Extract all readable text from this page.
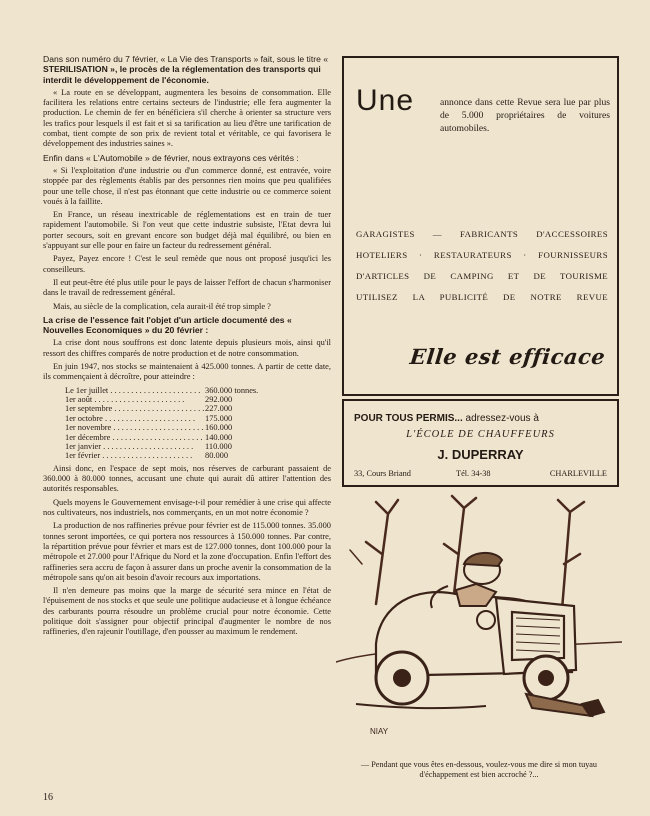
Dans son numéro du 7 février, « La Vie des Transports » fait, sous le titre « STERILISATION », le procès de la réglementation des transports qui interdit le développement de l'économie.

« La route en se développant, augmentera les besoins de consommation. Elle facilitera les relations entre certains secteurs de l'industrie; elle fera augmenter la production. Le chemin de fer en bénéficiera s'il cherche à orienter sa structure vers les trafics pour lesquels il est fait et si sa tarification au lieu d'être une tarification de combat, tient compte de son prix de revient total et véritable, ce qui favorisera le développement des industries saines ».

Enfin dans « L'Automobile » de février, nous extrayons ces vérités :

« Si l'exploitation d'une industrie ou d'un commerce donné, est entravée, voire stoppée par des règlements établis par des personnes rien moins que peu qualifiées pour une telle chose, il n'est pas étonnant que cette industrie ou ce commerce soient voués à la faillite.

En France, un réseau inextricable de réglementations est en train de tuer rapidement l'automobile. Si l'on veut que cette industrie subsiste, l'Etat devra lui porter secours, soit en grevant encore son budget déjà mal équilibré, ou bien en s'appuyant sur elle pour en faire un facteur du redressement général.

Payez, Payez encore ! C'est le seul remède que nous ont proposé jusqu'ici les conseilleurs.

Il eut peut-être été plus utile pour le pays de laisser l'effort de chacun s'harmoniser dans le travail de redressement général.

Mais, au siècle de la complication, cela aurait-il été trop simple ?

La crise de l'essence fait l'objet d'un article documenté des « Nouvelles Economiques » du 20 février :

La crise dont nous souffrons est donc latente depuis plusieurs mois, ainsi qu'il ressort des chiffres comparés de notre production et de notre consommation.

En juin 1947, nos stocks se maintenaient à 425.000 tonnes. A partir de cette date, ils commençaient à décroître, pour atteindre :

Le 1er juillet . . .	360.000 tonnes.
1er août . . .	292.000
1er septembre . . .	227.000
1er octobre . . .	175.000
1er novembre . . .	160.000
1er décembre . . .	140.000
1er janvier . . .	110.000
1er février . . .	80.000

Ainsi donc, en l'espace de sept mois, nos réserves de carburant passaient de 360.000 à 80.000 tonnes, accusant une chute qui aurait dû attirer l'attention des autorités responsables.

Quels moyens le Gouvernement envisage-t-il pour remédier à une crise qui affecte nos cultivateurs, nos industriels, nos commerçants, en un mot notre économie ?

La production de nos raffineries prévue pour février est de 115.000 tonnes. 35.000 tonnes seront importées, ce qui portera nos ressources à 150.000 tonnes. Par contre, la répartition prévue pour février et mars est de 127.000 tonnes, dont 100.000 pour la métropole et 27.000 pour l'Afrique du Nord et la zone d'occupation. Enfin l'effort des raffineries sera accru de façon à assurer dans un proche avenir la consommation de la métropole sans qu'on ait besoin d'avoir recours aux importations.

Il n'en demeure pas moins que la marge de sécurité sera mince en l'état de l'épuisement de nos stocks et que seule une politique audacieuse et à longue échéance des carburants pourra résoudre un problème crucial pour notre économie. Cette politique doit s'assigner pour objectif principal d'augmenter le nombre de nos raffineries, d'en rajeunir l'outillage, d'en pousser au maximum le rendement.

16
Une	annonce dans cette Revue sera lue par plus de 5.000 propriétaires de voitures automobiles.
GARAGISTES — FABRICANTS D'ACCESSOIRES
HOTELIERS · RESTAURATEURS · FOURNISSEURS
D'ARTICLES DE CAMPING ET DE TOURISME
UTILISEZ LA PUBLICITÉ DE NOTRE REVUE
Elle est efficace
POUR TOUS PERMIS... adressez-vous à
L'ÉCOLE DE CHAUFFEURS
J. DUPERRAY
33, Cours Briand	Tél. 34-38	CHARLEVILLE
NIAY
— Pendant que vous êtes en-dessous, voulez-vous me dire si mon tuyau d'échappement est bien accroché ?...
